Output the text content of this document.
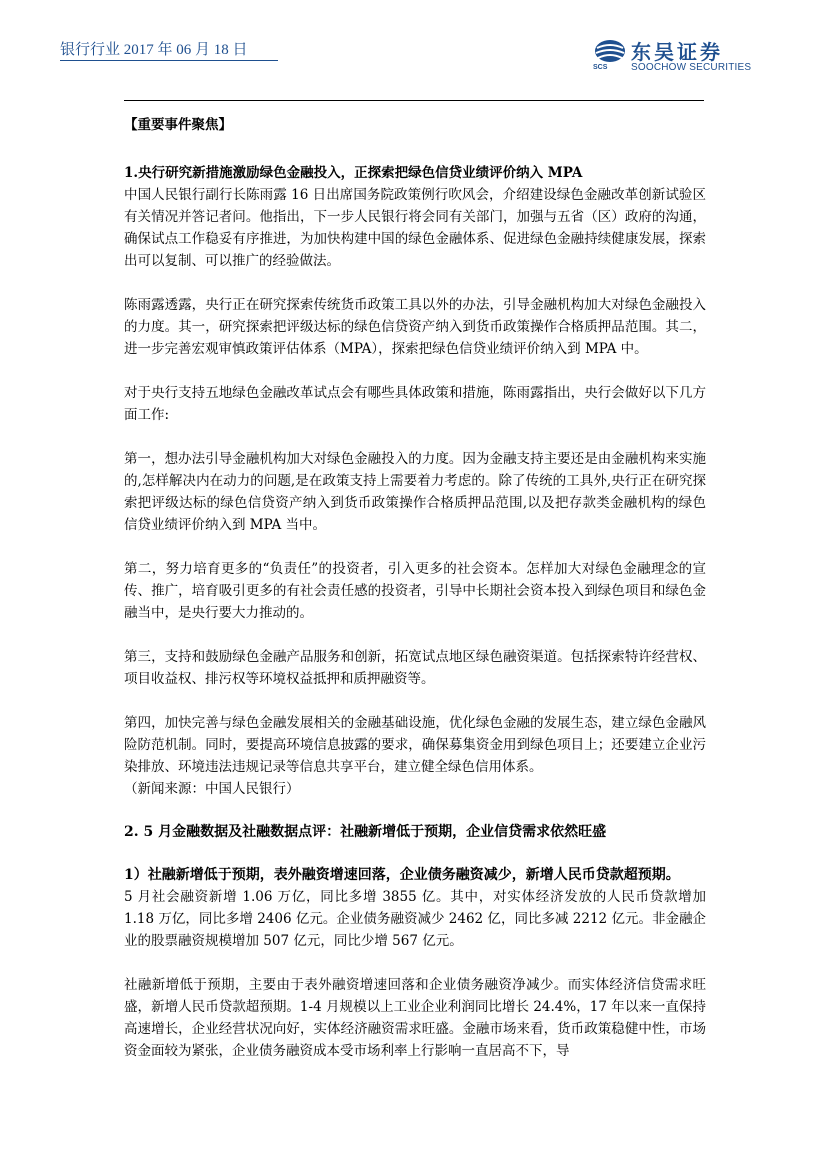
银行行业 2017 年 06 月 18 日	东吴证券
SOOCHOW SECURITIES
SCS

【重要事件聚焦】

1.央行研究新措施激励绿色金融投入，正探索把绿色信贷业绩评价纳入 MPA

中国人民银行副行长陈雨露 16 日出席国务院政策例行吹风会，介绍建设绿色金融改革创新试验区有关情况并答记者问。他指出，下一步人民银行将会同有关部门，加强与五省（区）政府的沟通，确保试点工作稳妥有序推进，为加快构建中国的绿色金融体系、促进绿色金融持续健康发展，探索出可以复制、可以推广的经验做法。

陈雨露透露，央行正在研究探索传统货币政策工具以外的办法，引导金融机构加大对绿色金融投入的力度。其一，研究探索把评级达标的绿色信贷资产纳入到货币政策操作合格质押品范围。其二，进一步完善宏观审慎政策评估体系（MPA），探索把绿色信贷业绩评价纳入到 MPA 中。

对于央行支持五地绿色金融改革试点会有哪些具体政策和措施，陈雨露指出，央行会做好以下几方面工作:

第一，想办法引导金融机构加大对绿色金融投入的力度。因为金融支持主要还是由金融机构来实施的,怎样解决内在动力的问题,是在政策支持上需要着力考虑的。除了传统的工具外,央行正在研究探索把评级达标的绿色信贷资产纳入到货币政策操作合格质押品范围,以及把存款类金融机构的绿色信贷业绩评价纳入到 MPA 当中。

第二，努力培育更多的“负责任”的投资者，引入更多的社会资本。怎样加大对绿色金融理念的宣传、推广，培育吸引更多的有社会责任感的投资者，引导中长期社会资本投入到绿色项目和绿色金融当中，是央行要大力推动的。

第三，支持和鼓励绿色金融产品服务和创新，拓宽试点地区绿色融资渠道。包括探索特许经营权、项目收益权、排污权等环境权益抵押和质押融资等。

第四，加快完善与绿色金融发展相关的金融基础设施，优化绿色金融的发展生态，建立绿色金融风险防范机制。同时，要提高环境信息披露的要求，确保募集资金用到绿色项目上；还要建立企业污染排放、环境违法违规记录等信息共享平台，建立健全绿色信用体系。

（新闻来源：中国人民银行）

2. 5 月金融数据及社融数据点评：社融新增低于预期，企业信贷需求依然旺盛

1）社融新增低于预期，表外融资增速回落，企业债务融资减少，新增人民币贷款超预期。

5 月社会融资新增 1.06 万亿，同比多增 3855 亿。其中，对实体经济发放的人民币贷款增加 1.18 万亿，同比多增 2406 亿元。企业债务融资减少 2462 亿，同比多减 2212 亿元。非金融企业的股票融资规模增加 507 亿元，同比少增 567 亿元。

社融新增低于预期，主要由于表外融资增速回落和企业债务融资净减少。而实体经济信贷需求旺盛，新增人民币贷款超预期。1-4 月规模以上工业企业利润同比增长 24.4%，17 年以来一直保持高速增长，企业经营状况向好，实体经济融资需求旺盛。金融市场来看，货币政策稳健中性，市场资金面较为紧张，企业债务融资成本受市场利率上行影响一直居高不下，导
